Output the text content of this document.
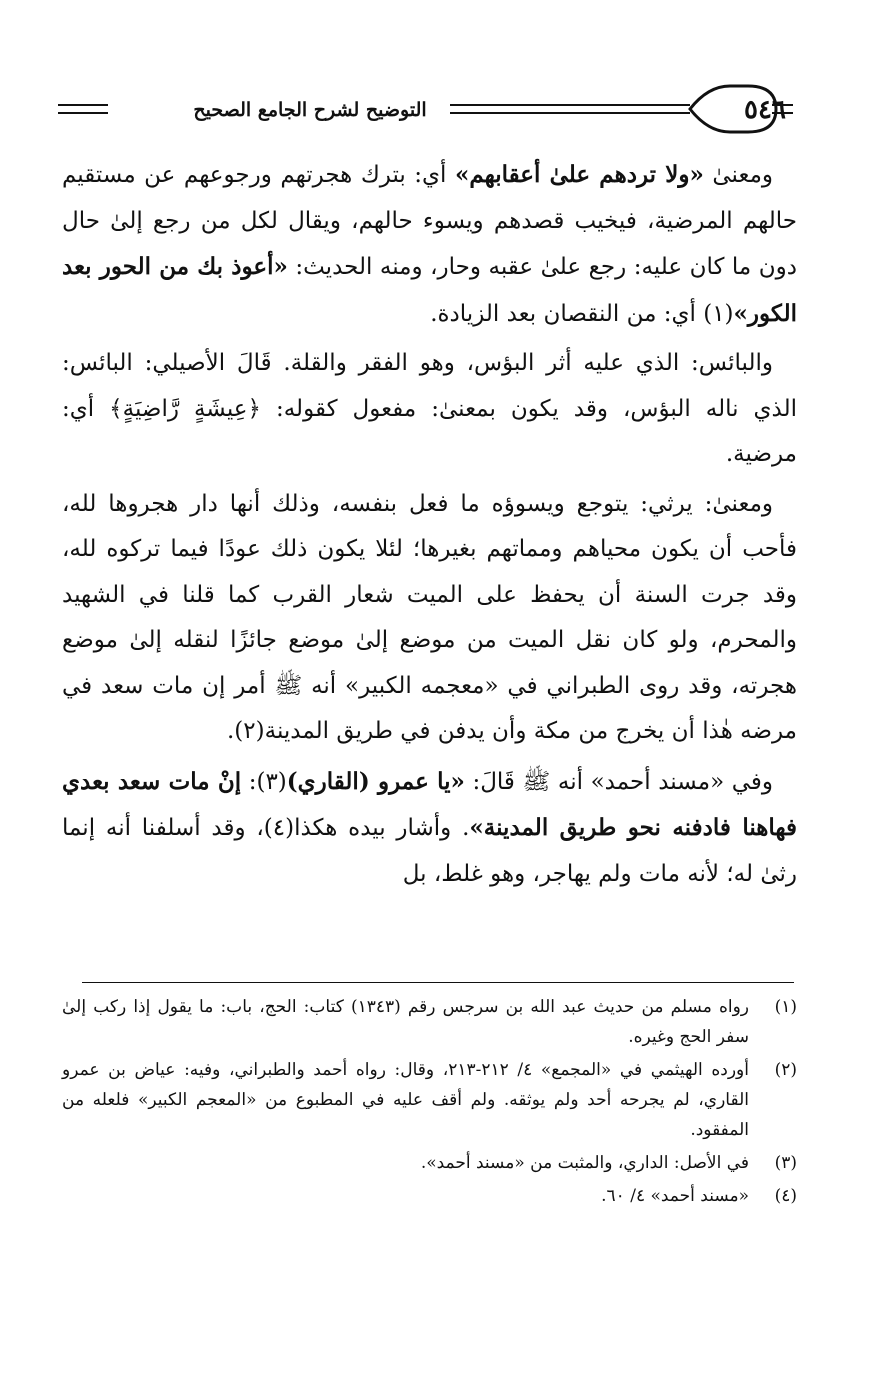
٥٤٦
التوضيح لشرح الجامع الصحيح

ومعنىٰ «ولا تردهم علىٰ أعقابهم» أي: بترك هجرتهم ورجوعهم عن مستقيم حالهم المرضية، فيخيب قصدهم ويسوء حالهم، ويقال لكل من رجع إلىٰ حال دون ما كان عليه: رجع علىٰ عقبه وحار، ومنه الحديث: «أعوذ بك من الحور بعد الكور»(١) أي: من النقصان بعد الزيادة.

والبائس: الذي عليه أثر البؤس، وهو الفقر والقلة. قَالَ الأصيلي: البائس: الذي ناله البؤس، وقد يكون بمعنىٰ: مفعول كقوله: ﴿عِيشَةٍ رَّاضِيَةٍ﴾ أي: مرضية.

ومعنىٰ: يرثي: يتوجع ويسوؤه ما فعل بنفسه، وذلك أنها دار هجروها لله، فأحب أن يكون محياهم ومماتهم بغيرها؛ لئلا يكون ذلك عودًا فيما تركوه لله، وقد جرت السنة أن يحفظ على الميت شعار القرب كما قلنا في الشهيد والمحرم، ولو كان نقل الميت من موضع إلىٰ موضع جائزًا لنقله إلىٰ موضع هجرته، وقد روى الطبراني في «معجمه الكبير» أنه ﷺ أمر إن مات سعد في مرضه هٰذا أن يخرج من مكة وأن يدفن في طريق المدينة(٢).

وفي «مسند أحمد» أنه ﷺ قَالَ: «يا عمرو (القاري)(٣): إنْ مات سعد بعدي فهاهنا فادفنه نحو طريق المدينة». وأشار بيده هكذا(٤)، وقد أسلفنا أنه إنما رثىٰ له؛ لأنه مات ولم يهاجر، وهو غلط، بل

(١)
رواه مسلم من حديث عبد الله بن سرجس رقم (١٣٤٣) كتاب: الحج، باب: ما يقول إذا ركب إلىٰ سفر الحج وغيره.
(٢)
أورده الهيثمي في «المجمع» ٤/ ٢١٢-٢١٣، وقال: رواه أحمد والطبراني، وفيه: عياض بن عمرو القاري، لم يجرحه أحد ولم يوثقه. ولم أقف عليه في المطبوع من «المعجم الكبير» فلعله من المفقود.
(٣)
في الأصل: الداري، والمثبت من «مسند أحمد».
(٤)
«مسند أحمد» ٤/ ٦٠.
